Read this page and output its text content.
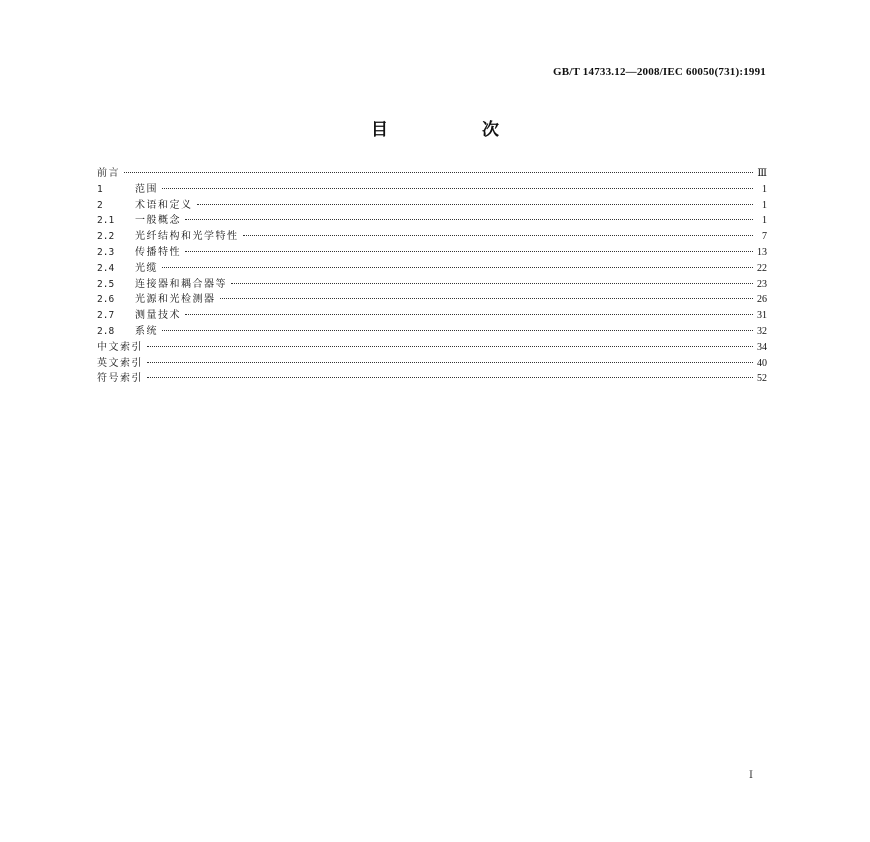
GB/T 14733.12—2008/IEC 60050(731):1991
目 次
前言	Ⅲ
1	范围	1
2	术语和定义	1
2.1	一般概念	1
2.2	光纤结构和光学特性	7
2.3	传播特性	13
2.4	光缆	22
2.5	连接器和耦合器等	23
2.6	光源和光检测器	26
2.7	测量技术	31
2.8	系统	32
中文索引	34
英文索引	40
符号索引	52
Ⅰ
